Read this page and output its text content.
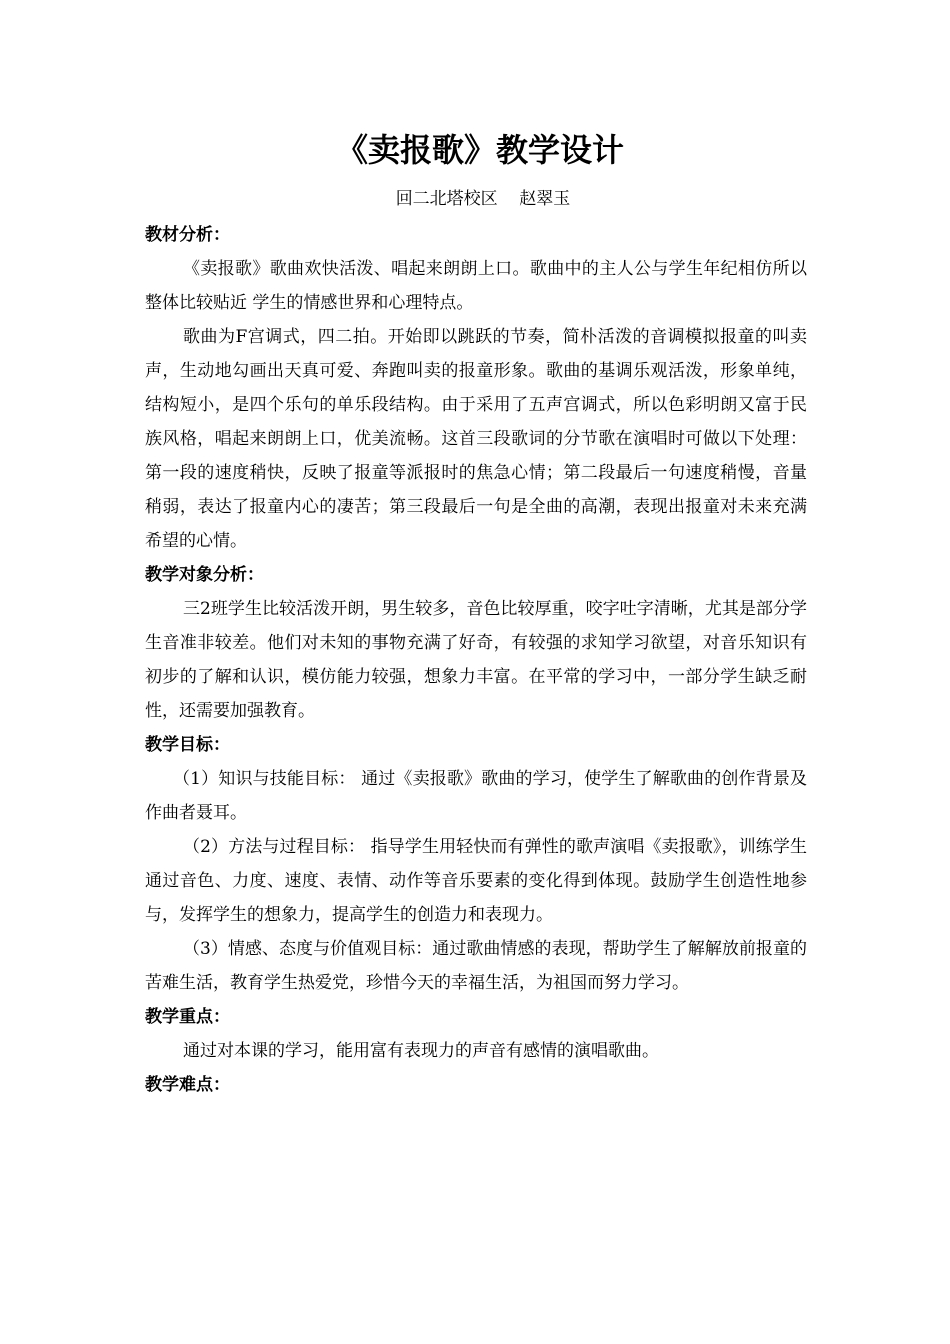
《卖报歌》教学设计
回二北塔校区    赵翠玉
教材分析：

《卖报歌》歌曲欢快活泼、唱起来朗朗上口。歌曲中的主人公与学生年纪相仿所以整体比较贴近 学生的情感世界和心理特点。

歌曲为F宫调式，四二拍。开始即以跳跃的节奏，简朴活泼的音调模拟报童的叫卖声，生动地勾画出天真可爱、奔跑叫卖的报童形象。歌曲的基调乐观活泼，形象单纯，结构短小，是四个乐句的单乐段结构。由于采用了五声宫调式，所以色彩明朗又富于民族风格，唱起来朗朗上口，优美流畅。这首三段歌词的分节歌在演唱时可做以下处理：第一段的速度稍快，反映了报童等派报时的焦急心情；第二段最后一句速度稍慢，音量稍弱，表达了报童内心的凄苦；第三段最后一句是全曲的高潮，表现出报童对未来充满希望的心情。

教学对象分析：

三2班学生比较活泼开朗，男生较多，音色比较厚重，咬字吐字清晰，尤其是部分学生音准非较差。他们对未知的事物充满了好奇，有较强的求知学习欲望，对音乐知识有初步的了解和认识，模仿能力较强，想象力丰富。在平常的学习中，一部分学生缺乏耐性，还需要加强教育。

教学目标：

（1）知识与技能目标： 通过《卖报歌》歌曲的学习，使学生了解歌曲的创作背景及作曲者聂耳。

（2）方法与过程目标： 指导学生用轻快而有弹性的歌声演唱《卖报歌》，训练学生通过音色、力度、速度、表情、动作等音乐要素的变化得到体现。鼓励学生创造性地参与，发挥学生的想象力，提高学生的创造力和表现力。

（3）情感、态度与价值观目标：通过歌曲情感的表现，帮助学生了解解放前报童的苦难生活，教育学生热爱党，珍惜今天的幸福生活，为祖国而努力学习。

教学重点：

通过对本课的学习，能用富有表现力的声音有感情的演唱歌曲。

教学难点：
